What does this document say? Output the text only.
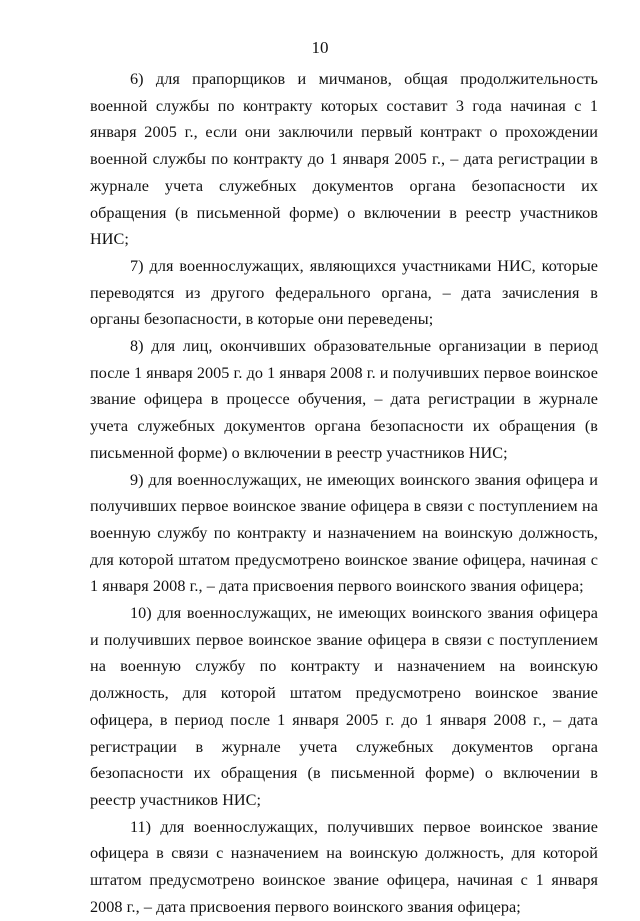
10

6) для прапорщиков и мичманов, общая продолжительность военной службы по контракту которых составит 3 года начиная с 1 января 2005 г., если они заключили первый контракт о прохождении военной службы по контракту до 1 января 2005 г., – дата регистрации в журнале учета служебных документов органа безопасности их обращения (в письменной форме) о включении в реестр участников НИС;

7) для военнослужащих, являющихся участниками НИС, которые переводятся из другого федерального органа, – дата зачисления в органы безопасности, в которые они переведены;

8) для лиц, окончивших образовательные организации в период после 1 января 2005 г. до 1 января 2008 г. и получивших первое воинское звание офицера в процессе обучения, – дата регистрации в журнале учета служебных документов органа безопасности их обращения (в письменной форме) о включении в реестр участников НИС;

9) для военнослужащих, не имеющих воинского звания офицера и получивших первое воинское звание офицера в связи с поступлением на военную службу по контракту и назначением на воинскую должность, для которой штатом предусмотрено воинское звание офицера, начиная с 1 января 2008 г., – дата присвоения первого воинского звания офицера;

10) для военнослужащих, не имеющих воинского звания офицера и получивших первое воинское звание офицера в связи с поступлением на военную службу по контракту и назначением на воинскую должность, для которой штатом предусмотрено воинское звание офицера, в период после 1 января 2005 г. до 1 января 2008 г., – дата регистрации в журнале учета служебных документов органа безопасности их обращения (в письменной форме) о включении в реестр участников НИС;

11) для военнослужащих, получивших первое воинское звание офицера в связи с назначением на воинскую должность, для которой штатом предусмотрено воинское звание офицера, начиная с 1 января 2008 г., – дата присвоения первого воинского звания офицера;
